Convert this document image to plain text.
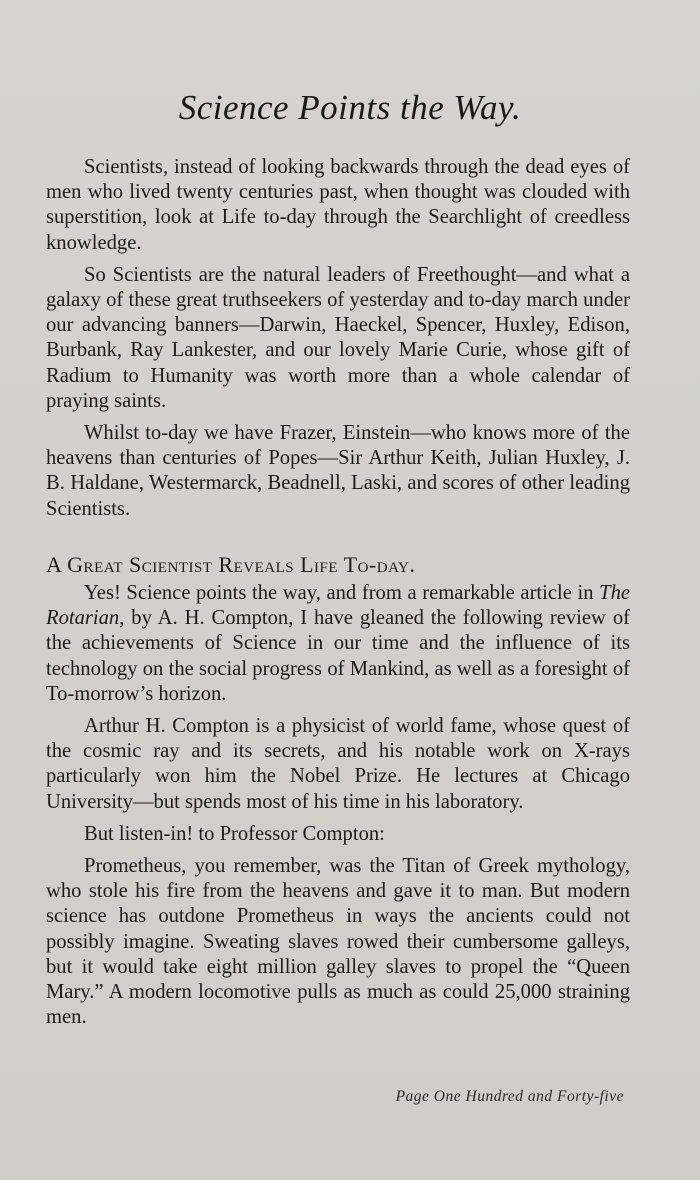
Science Points the Way.

Scientists, instead of looking backwards through the dead eyes of men who lived twenty centuries past, when thought was clouded with superstition, look at Life to-day through the Searchlight of creedless knowledge.

So Scientists are the natural leaders of Freethought—and what a galaxy of these great truthseekers of yesterday and to-day march under our advancing banners—Darwin, Haeckel, Spencer, Huxley, Edison, Burbank, Ray Lankester, and our lovely Marie Curie, whose gift of Radium to Humanity was worth more than a whole calendar of praying saints.

Whilst to-day we have Frazer, Einstein—who knows more of the heavens than centuries of Popes—Sir Arthur Keith, Julian Huxley, J. B. Haldane, Westermarck, Beadnell, Laski, and scores of other leading Scientists.

A Great Scientist Reveals Life To-day.

Yes! Science points the way, and from a remarkable article in The Rotarian, by A. H. Compton, I have gleaned the following review of the achievements of Science in our time and the influence of its technology on the social progress of Mankind, as well as a foresight of To-morrow’s horizon.

Arthur H. Compton is a physicist of world fame, whose quest of the cosmic ray and its secrets, and his notable work on X-rays particularly won him the Nobel Prize. He lectures at Chicago University—but spends most of his time in his laboratory.

But listen-in! to Professor Compton:

Prometheus, you remember, was the Titan of Greek mythology, who stole his fire from the heavens and gave it to man. But modern science has outdone Prometheus in ways the ancients could not possibly imagine. Sweating slaves rowed their cumbersome galleys, but it would take eight million galley slaves to propel the “Queen Mary.” A modern locomotive pulls as much as could 25,000 straining men.

Page One Hundred and Forty-five
